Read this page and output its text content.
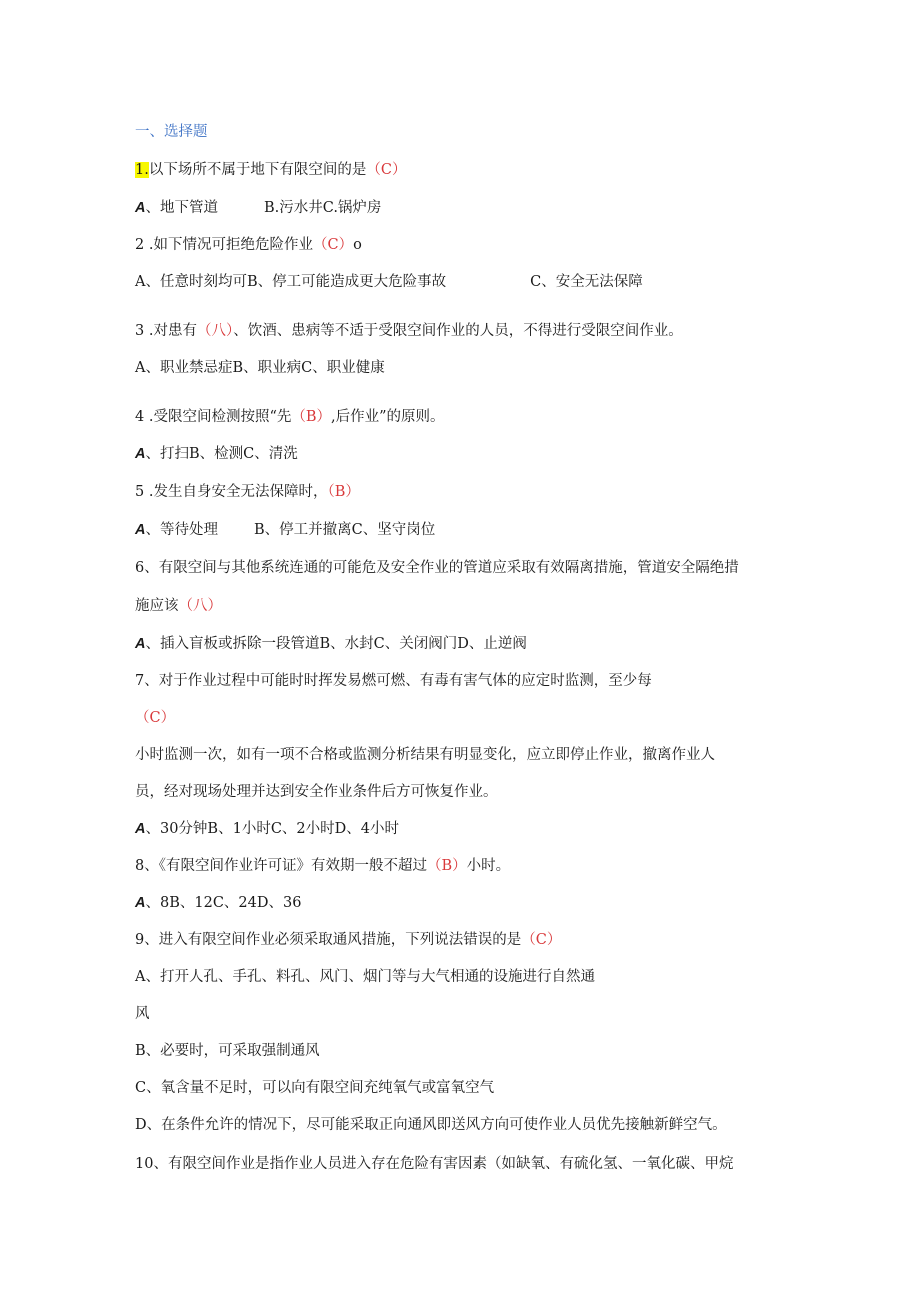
一、选择题
1.以下场所不属于地下有限空间的是（C）
A、地下管道	B.污水井C.锅炉房
2 .如下情况可拒绝危险作业（C）o
A、任意时刻均可B、停工可能造成更大危险事故	C、安全无法保障
3 .对患有（八）、饮酒、患病等不适于受限空间作业的人员，不得进行受限空间作业。
A、职业禁忌症B、职业病C、职业健康
4 .受限空间检测按照“先（B）,后作业”的原则。
A、打扫B、检测C、清洗
5 .发生自身安全无法保障时，（B）
A、等待处理 B、停工并撤离C、坚守岗位
6、有限空间与其他系统连通的可能危及安全作业的管道应采取有效隔离措施，管道安全隔绝措
施应该（八）
A、插入盲板或拆除一段管道B、水封C、关闭阀门D、止逆阀
7、对于作业过程中可能时时挥发易燃可燃、有毒有害气体的应定时监测，至少每
（C）
小时监测一次，如有一项不合格或监测分析结果有明显变化，应立即停止作业，撤离作业人
员，经对现场处理并达到安全作业条件后方可恢复作业。
A、30分钟B、1小时C、2小时D、4小时
8、《有限空间作业许可证》有效期一般不超过（B）小时。
A、8B、12C、24D、36
9、进入有限空间作业必须采取通风措施，下列说法错误的是（C）
A、打开人孔、手孔、料孔、风门、烟门等与大气相通的设施进行自然通
风
B、必要时，可采取强制通风
C、氧含量不足时，可以向有限空间充纯氧气或富氧空气
D、在条件允许的情况下，尽可能采取正向通风即送风方向可使作业人员优先接触新鲜空气。
10、有限空间作业是指作业人员进入存在危险有害因素（如缺氧、有硫化氢、一氧化碳、甲烷
